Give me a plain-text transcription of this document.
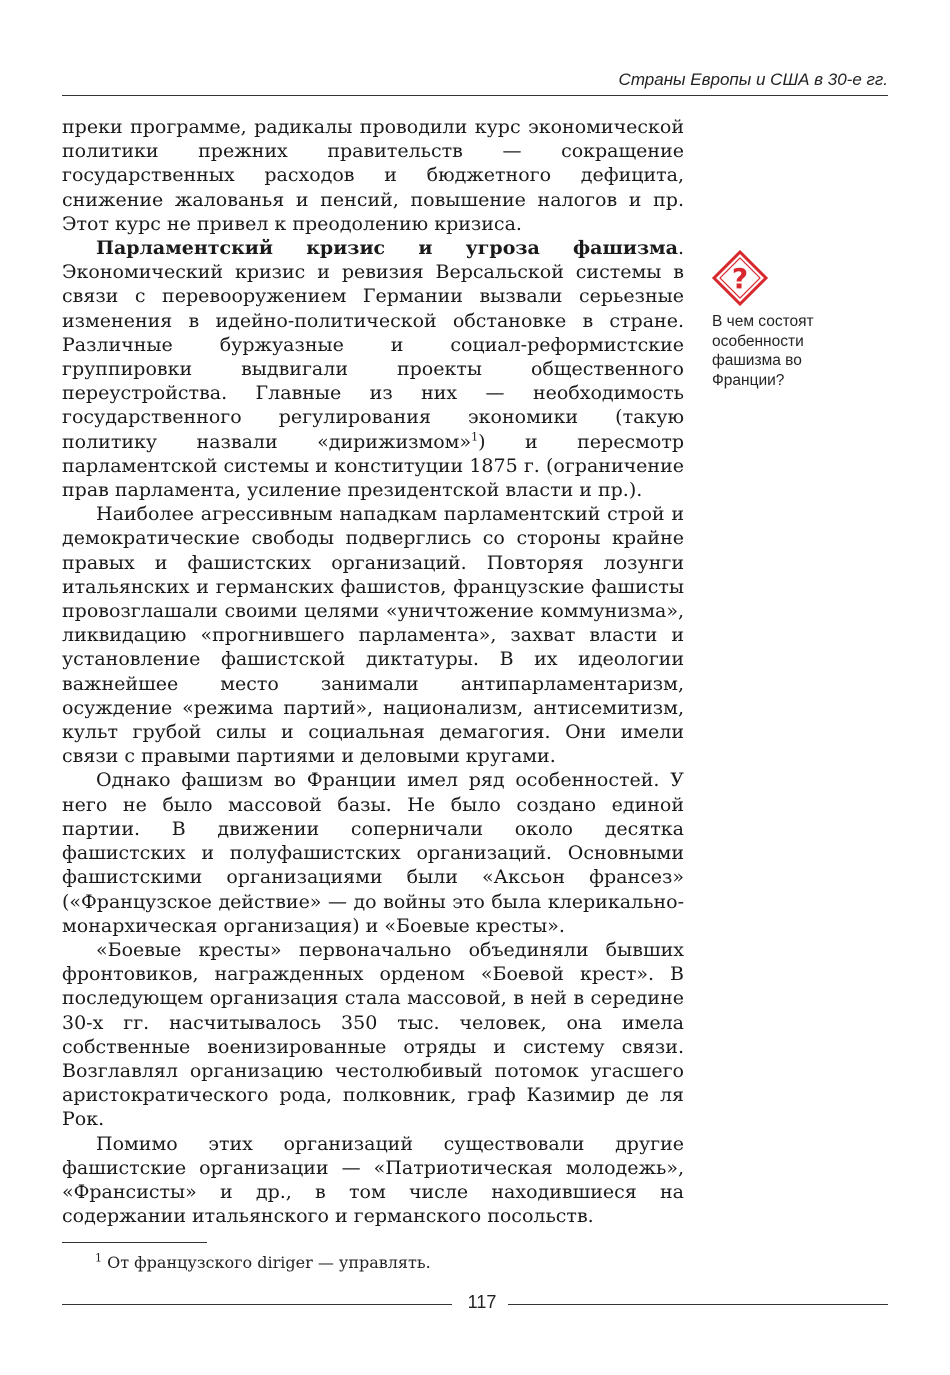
Страны Европы и США в 30-е гг.

преки программе, радикалы проводили курс экономической политики прежних правительств — сокращение государственных расходов и бюджетного дефицита, снижение жалованья и пенсий, повышение налогов и пр. Этот курс не привел к преодолению кризиса.

Парламентский кризис и угроза фашизма. Экономический кризис и ревизия Версальской системы в связи с перевооружением Германии вызвали серьезные изменения в идейно-политической обстановке в стране. Различные буржуазные и социал-реформистские группировки выдвигали проекты общественного переустройства. Главные из них — необходимость государственного регулирования экономики (такую политику назвали «дирижизмом»$^1$) и пересмотр парламентской системы и конституции 1875 г. (ограничение прав парламента, усиление президентской власти и пр.).

Наиболее агрессивным нападкам парламентский строй и демократические свободы подверглись со стороны крайне правых и фашистских организаций. Повторяя лозунги итальянских и германских фашистов, французские фашисты провозглашали своими целями «уничтожение коммунизма», ликвидацию «прогнившего парламента», захват власти и установление фашистской диктатуры. В их идеологии важнейшее место занимали антипарламентаризм, осуждение «режима партий», национализм, антисемитизм, культ грубой силы и социальная демагогия. Они имели связи с правыми партиями и деловыми кругами.

Однако фашизм во Франции имел ряд особенностей. У него не было массовой базы. Не было создано единой партии. В движении соперничали около десятка фашистских и полуфашистских организаций. Основными фашистскими организациями были «Аксьон франсез» («Французское действие» — до войны это была клерикально-монархическая организация) и «Боевые кресты».

«Боевые кресты» первоначально объединяли бывших фронтовиков, награжденных орденом «Боевой крест». В последующем организация стала массовой, в ней в середине 30-х гг. насчитывалось 350 тыс. человек, она имела собственные военизированные отряды и систему связи. Возглавлял организацию честолюбивый потомок угасшего аристократического рода, полковник, граф Казимир де ля Рок.

Помимо этих организаций существовали другие фашистские организации — «Патриотическая молодежь», «Франсисты» и др., в том числе находившиеся на содержании итальянского и германского посольств.

?
В чем состоят особенности фашизма во Франции?
$^1$ От французского diriger — управлять.
117
